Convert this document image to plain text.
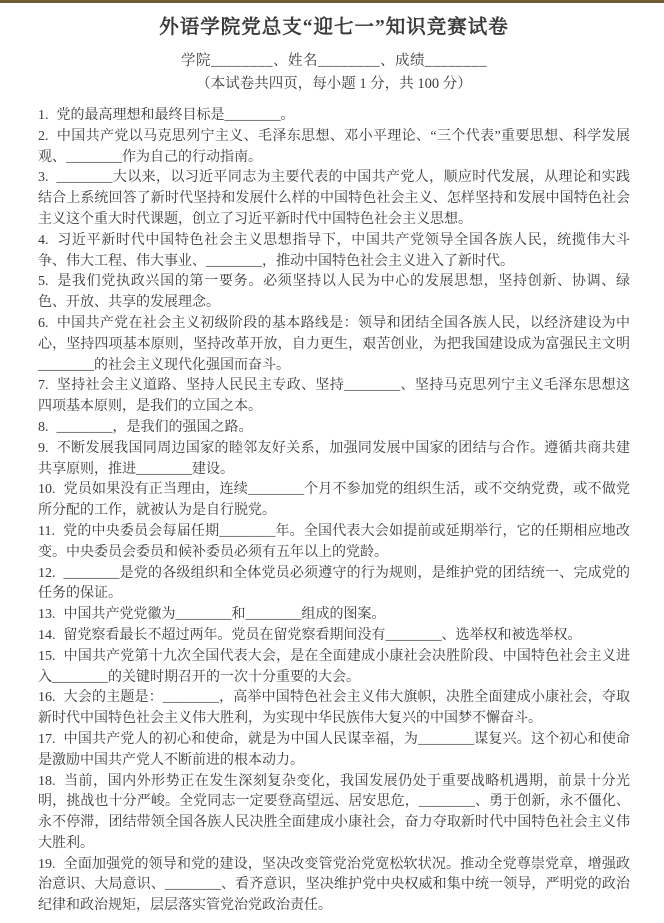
外语学院党总支“迎七一”知识竞赛试卷
学院________、姓名________、成绩________
（本试卷共四页，每小题 1 分，共 100 分）

1. 党的最高理想和最终目标是________。

2. 中国共产党以马克思列宁主义、毛泽东思想、邓小平理论、“三个代表”重要思想、科学发展观、________作为自己的行动指南。

3. ________大以来，以习近平同志为主要代表的中国共产党人，顺应时代发展，从理论和实践结合上系统回答了新时代坚持和发展什么样的中国特色社会主义、怎样坚持和发展中国特色社会主义这个重大时代课题，创立了习近平新时代中国特色社会主义思想。

4. 习近平新时代中国特色社会主义思想指导下，中国共产党领导全国各族人民，统揽伟大斗争、伟大工程、伟大事业、________，推动中国特色社会主义进入了新时代。

5. 是我们党执政兴国的第一要务。必须坚持以人民为中心的发展思想，坚持创新、协调、绿色、开放、共享的发展理念。

6. 中国共产党在社会主义初级阶段的基本路线是：领导和团结全国各族人民，以经济建设为中心，坚持四项基本原则，坚持改革开放，自力更生，艰苦创业，为把我国建设成为富强民主文明________的社会主义现代化强国而奋斗。

7. 坚持社会主义道路、坚持人民民主专政、坚持________、坚持马克思列宁主义毛泽东思想这四项基本原则，是我们的立国之本。

8. ________，是我们的强国之路。

9. 不断发展我国同周边国家的睦邻友好关系，加强同发展中国家的团结与合作。遵循共商共建共享原则，推进________建设。

10. 党员如果没有正当理由，连续________个月不参加党的组织生活，或不交纳党费，或不做党所分配的工作，就被认为是自行脱党。

11. 党的中央委员会每届任期________年。全国代表大会如提前或延期举行，它的任期相应地改变。中央委员会委员和候补委员必须有五年以上的党龄。

12. ________是党的各级组织和全体党员必须遵守的行为规则，是维护党的团结统一、完成党的任务的保证。

13. 中国共产党党徽为________和________组成的图案。

14. 留党察看最长不超过两年。党员在留党察看期间没有________、选举权和被选举权。

15. 中国共产党第十九次全国代表大会，是在全面建成小康社会决胜阶段、中国特色社会主义进入________的关键时期召开的一次十分重要的大会。

16. 大会的主题是：________，高举中国特色社会主义伟大旗帜，决胜全面建成小康社会，夺取新时代中国特色社会主义伟大胜利，为实现中华民族伟大复兴的中国梦不懈奋斗。

17. 中国共产党人的初心和使命，就是为中国人民谋幸福，为________谋复兴。这个初心和使命是激励中国共产党人不断前进的根本动力。

18. 当前，国内外形势正在发生深刻复杂变化，我国发展仍处于重要战略机遇期，前景十分光明，挑战也十分严峻。全党同志一定要登高望远、居安思危，________、勇于创新，永不僵化、永不停滞，团结带领全国各族人民决胜全面建成小康社会，奋力夺取新时代中国特色社会主义伟大胜利。

19. 全面加强党的领导和党的建设，坚决改变管党治党宽松软状况。推动全党尊崇党章，增强政治意识、大局意识、________、看齐意识，坚决维护党中央权威和集中统一领导，严明党的政治纪律和政治规矩，层层落实管党治党政治责任。
